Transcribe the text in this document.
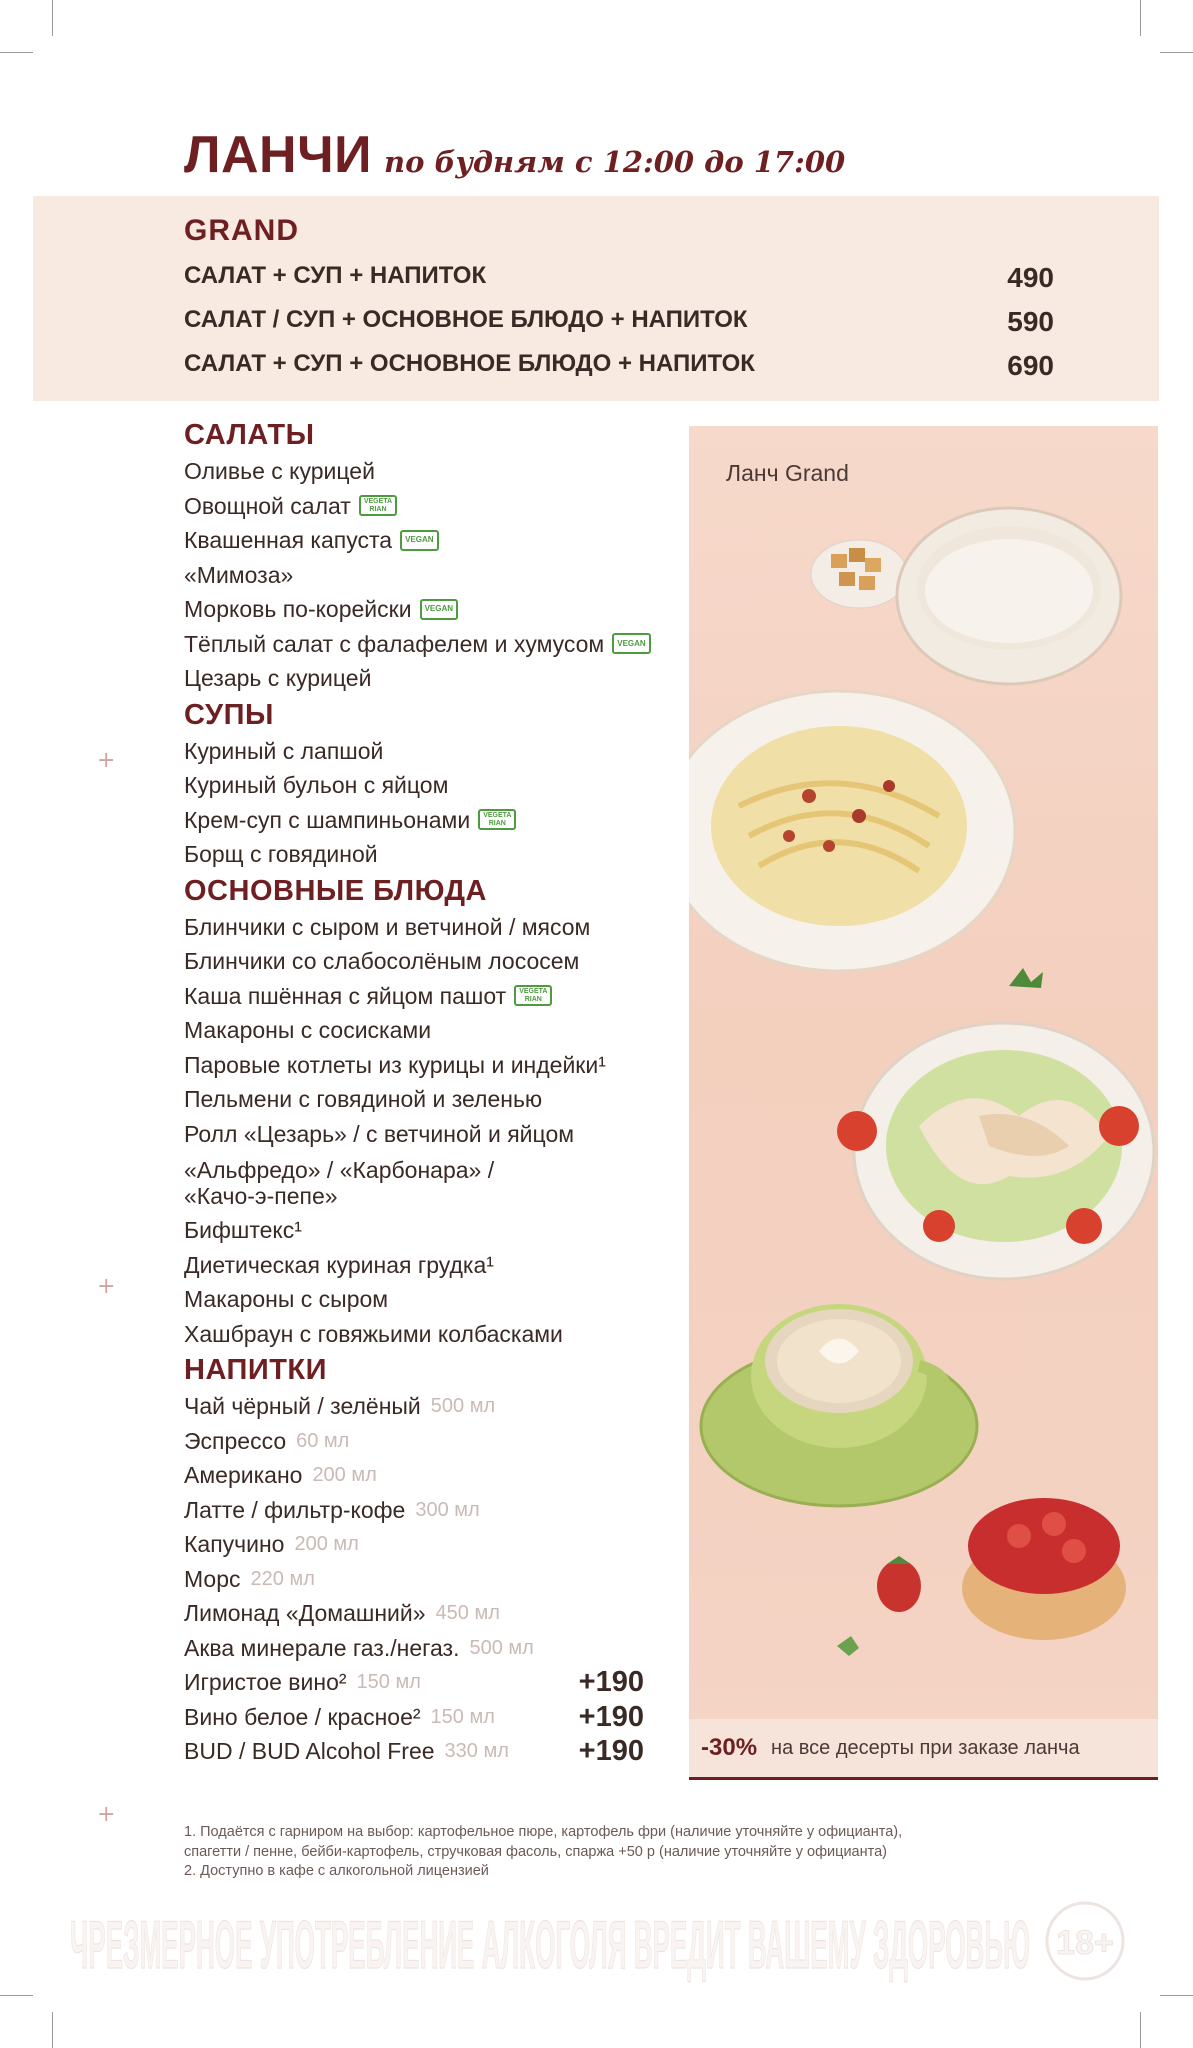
+
+
+
ЛАНЧИ по будням с 12:00 до 17:00
GRAND
САЛАТ + СУП + НАПИТОК	490
САЛАТ / СУП + ОСНОВНОЕ БЛЮДО + НАПИТОК	590
САЛАТ + СУП + ОСНОВНОЕ БЛЮДО + НАПИТОК	690
САЛАТЫ
Оливье с курицей
Овощной салат VEGETA
RIAN
Квашенная капуста	VEGAN
«Мимоза»
Морковь по-корейски	VEGAN
Тёплый салат с фалафелем и хумусом	VEGAN
Цезарь с курицей
СУПЫ
Куриный с лапшой
Куриный бульон с яйцом
Крем-суп с шампиньонами VEGETA
RIAN
Борщ с говядиной
ОСНОВНЫЕ БЛЮДА
Блинчики с сыром и ветчиной / мясом
Блинчики со слабосолёным лососем
Каша пшённая с яйцом пашот VEGETA
RIAN
Макароны с сосисками
Паровые котлеты из курицы и индейки¹
Пельмени с говядиной и зеленью
Ролл «Цезарь» / с ветчиной и яйцом
«Альфредо» / «Карбонара» / «Качо-э-пепе»
Бифштекс¹
Диетическая куриная грудка¹
Макароны с сыром
Хашбраун с говяжьими колбасками
НАПИТКИ
Чай чёрный / зелёный 500 мл
Эспрессо 60 мл
Американо 200 мл
Латте / фильтр-кофе 300 мл
Капучино 200 мл
Морс 220 мл
Лимонад «Домашний» 450 мл
Аква минерале газ./негаз. 500 мл
Игристое вино² 150 мл	+190
Вино белое / красное² 150 мл	+190
BUD / BUD Alcohol Free 330 мл +190
Ланч Grand
-30% на все десерты при заказе ланча
1. Подаётся с гарниром на выбор: картофельное пюре, картофель фри (наличие уточняйте у официанта),
спагетти / пенне, бейби-картофель, стручковая фасоль, спаржа +50 р (наличие уточняйте у официанта)
2. Доступно в кафе с алкогольной лицензией
ЧРЕЗМЕРНОЕ УПОТРЕБЛЕНИЕ АЛКОГОЛЯ ВРЕДИТ ВАШЕМУ ЗДОРОВЬЮ 18+
